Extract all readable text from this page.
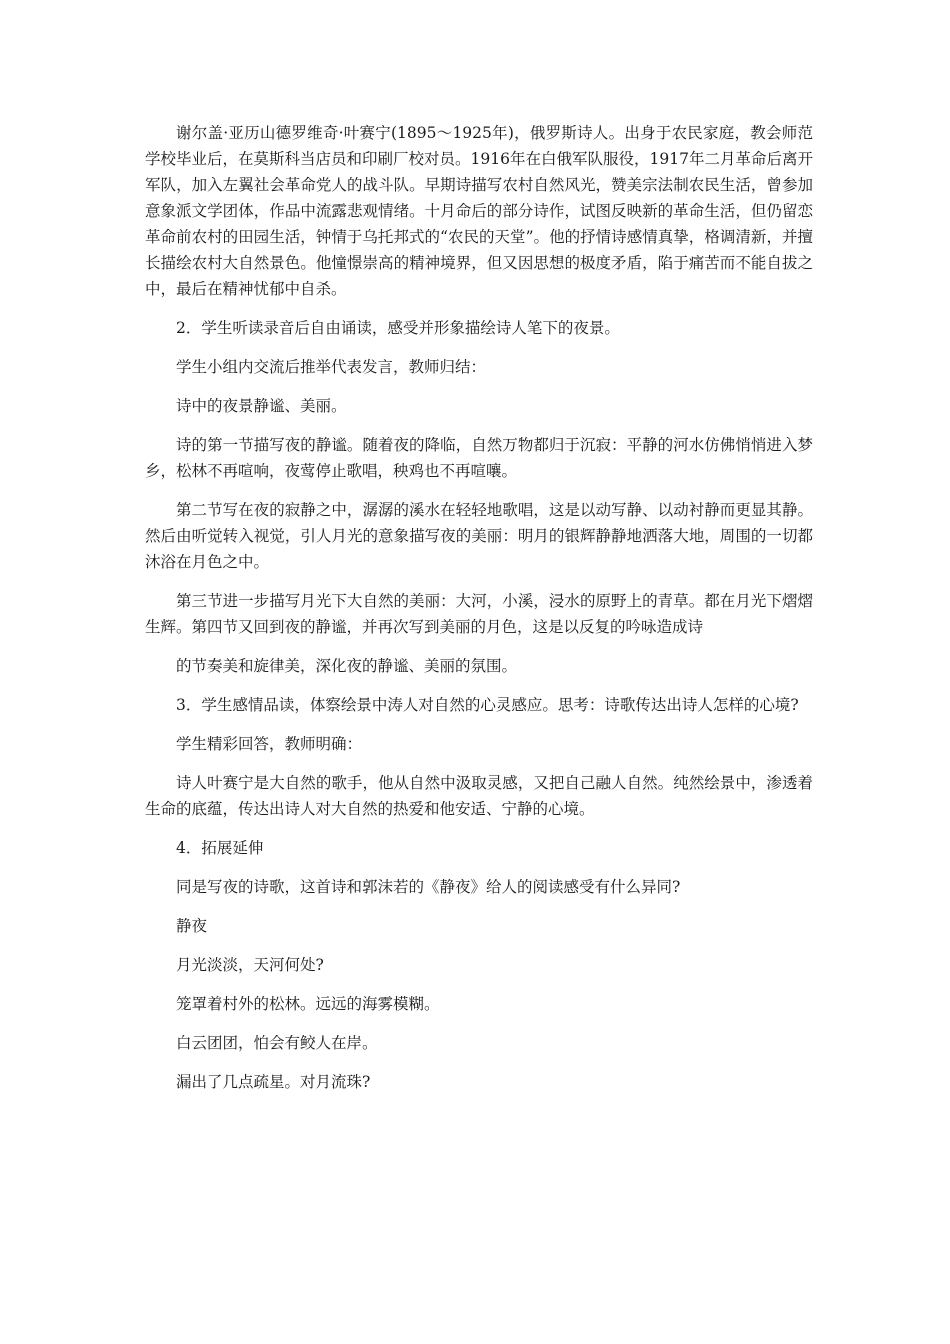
谢尔盖·亚历山德罗维奇·叶赛宁(1895～1925年)，俄罗斯诗人。出身于农民家庭，教会师范学校毕业后，在莫斯科当店员和印刷厂校对员。1916年在白俄军队服役，1917年二月革命后离开军队，加入左翼社会革命党人的战斗队。早期诗描写农村自然风光，赞美宗法制农民生活，曾参加意象派文学团体，作品中流露悲观情绪。十月命后的部分诗作，试图反映新的革命生活，但仍留恋革命前农村的田园生活，钟情于乌托邦式的“农民的天堂”。他的抒情诗感情真挚，格调清新，并擅长描绘农村大自然景色。他憧憬崇高的精神境界，但又因思想的极度矛盾，陷于痛苦而不能自拔之中，最后在精神忧郁中自杀。

2．学生听读录音后自由诵读，感受并形象描绘诗人笔下的夜景。

学生小组内交流后推举代表发言，教师归结：

诗中的夜景静谧、美丽。

诗的第一节描写夜的静谧。随着夜的降临，自然万物都归于沉寂：平静的河水仿佛悄悄进入梦乡，松林不再喧响，夜莺停止歌唱，秧鸡也不再喧嚷。

第二节写在夜的寂静之中，潺潺的溪水在轻轻地歌唱，这是以动写静、以动衬静而更显其静。然后由听觉转入视觉，引人月光的意象描写夜的美丽：明月的银辉静静地洒落大地，周围的一切都沐浴在月色之中。

第三节进一步描写月光下大自然的美丽：大河，小溪，浸水的原野上的青草。都在月光下熠熠生辉。第四节又回到夜的静谧，并再次写到美丽的月色，这是以反复的吟咏造成诗

的节奏美和旋律美，深化夜的静谧、美丽的氛围。

3．学生感情品读，体察绘景中涛人对自然的心灵感应。思考：诗歌传达出诗人怎样的心境?

学生精彩回答，教师明确：

诗人叶赛宁是大自然的歌手，他从自然中汲取灵感，又把自己融人自然。纯然绘景中，渗透着生命的底蕴，传达出诗人对大自然的热爱和他安适、宁静的心境。

4．拓展延伸

同是写夜的诗歌，这首诗和郭沫若的《静夜》给人的阅读感受有什么异同?

静夜

月光淡淡，天河何处?

笼罩着村外的松林。远远的海雾模糊。

白云团团，怕会有鲛人在岸。

漏出了几点疏星。对月流珠?
